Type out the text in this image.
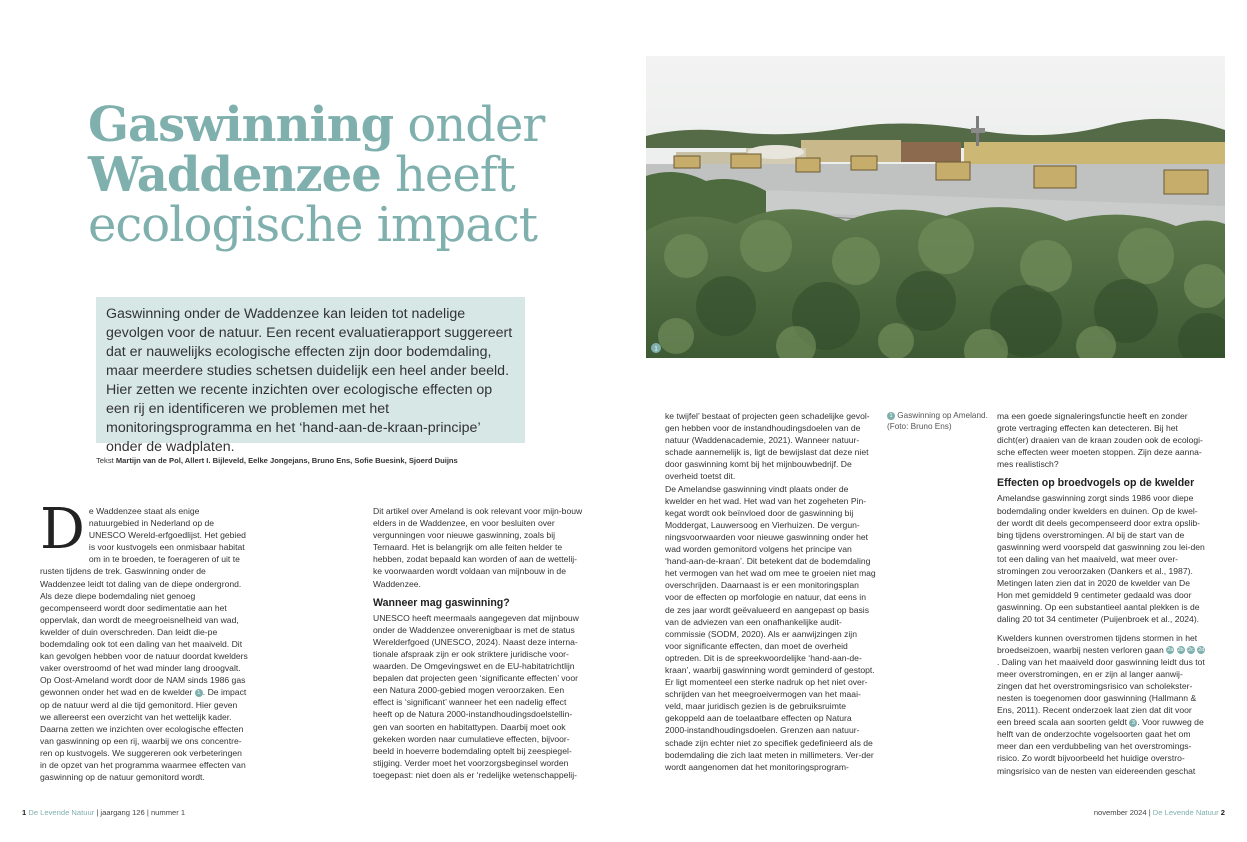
Gaswinning onder
Waddenzee heeft
ecologische impact
Gaswinning onder de Waddenzee kan leiden tot nadelige gevolgen voor de natuur. Een recent evaluatierapport suggereert dat er nauwelijks ecologische effecten zijn door bodemdaling, maar meerdere studies schetsen duidelijk een heel ander beeld. Hier zetten we recente inzichten over ecologische effecten op een rij en identificeren we problemen met het monitoringsprogramma en het ‘hand-aan-de-kraan-principe’ onder de wadplaten.
Tekst Martijn van de Pol, Allert I. Bijleveld, Eelke Jongejans, Bruno Ens, Sofie Buesink, Sjoerd Duijns
1
1 Gaswinning op Ameland. (Foto: Bruno Ens)

De Waddenzee staat als enige natuurgebied in Nederland op de UNESCO Wereld-erfgoedlijst. Het gebied is voor kustvogels een onmisbaar habitat om in te broeden, te foerageren of uit te rusten tijdens de trek. Gaswinning onder de Waddenzee leidt tot daling van de diepe ondergrond. Als deze diepe bodemdaling niet genoeg gecompenseerd wordt door sedimentatie aan het oppervlak, dan wordt de meegroeisnelheid van wad, kwelder of duin overschreden. Dan leidt die-pe bodemdaling ook tot een daling van het maaiveld. Dit kan gevolgen hebben voor de natuur doordat kwelders vaker overstroomd of het wad minder lang droogvalt.

Op Oost-Ameland wordt door de NAM sinds 1986 gas gewonnen onder het wad en de kwelder 1 . De impact op de natuur werd al die tijd gemonitord. Hier geven we allereerst een overzicht van het wettelijk kader. Daarna zetten we inzichten over ecologische effecten van gaswinning op een rij, waarbij we ons concentre-ren op kustvogels. We suggereren ook verbeteringen in de opzet van het programma waarmee effecten van gaswinning op de natuur gemonitord wordt.

Dit artikel over Ameland is ook relevant voor mijn-bouw elders in de Waddenzee, en voor besluiten over vergunningen voor nieuwe gaswinning, zoals bij Ternaard. Het is belangrijk om alle feiten helder te hebben, zodat bepaald kan worden of aan de wettelij-ke voorwaarden wordt voldaan van mijnbouw in de Waddenzee.

Wanneer mag gaswinning?

UNESCO heeft meermaals aangegeven dat mijnbouw onder de Waddenzee onverenigbaar is met de status Werelderfgoed (UNESCO, 2024). Naast deze interna-tionale afspraak zijn er ook striktere juridische voor-waarden. De Omgevingswet en de EU-habitatrichtlijn bepalen dat projecten geen ‘significante effecten’ voor een Natura 2000-gebied mogen veroorzaken. Een effect is ‘significant’ wanneer het een nadelig effect heeft op de Natura 2000-instandhoudingsdoelstellin-gen van soorten en habitattypen. Daarbij moet ook gekeken worden naar cumulatieve effecten, bijvoor-beeld in hoeverre bodemdaling optelt bij zeespiegel-stijging. Verder moet het voorzorgsbeginsel worden toegepast: niet doen als er ‘redelijke wetenschappelij-

ke twijfel’ bestaat of projecten geen schadelijke gevol-gen hebben voor de instandhoudingsdoelen van de natuur (Waddenacademie, 2021). Wanneer natuur-schade aannemelijk is, ligt de bewijslast dat deze niet door gaswinning komt bij het mijnbouwbedrijf. De overheid toetst dit.

De Amelandse gaswinning vindt plaats onder de kwelder en het wad. Het wad van het zogeheten Pin-kegat wordt ook beïnvloed door de gaswinning bij Moddergat, Lauwersoog en Vierhuizen. De vergun-ningsvoorwaarden voor nieuwe gaswinning onder het wad worden gemonitord volgens het principe van ‘hand-aan-de-kraan’. Dit betekent dat de bodemdaling het vermogen van het wad om mee te groeien niet mag overschrijden. Daarnaast is er een monitoringsplan voor de effecten op morfologie en natuur, dat eens in de zes jaar wordt geëvalueerd en aangepast op basis van de adviezen van een onafhankelijke audit-commissie (SODM, 2020). Als er aanwijzingen zijn voor significante effecten, dan moet de overheid optreden. Dit is de spreekwoordelijke ‘hand-aan-de-kraan’, waarbij gaswinning wordt geminderd of gestopt.

Er ligt momenteel een sterke nadruk op het niet over-schrijden van het meegroeivermogen van het maai-veld, maar juridisch gezien is de gebruiksruimte gekoppeld aan de toelaatbare effecten op Natura 2000-instandhoudingsdoelen. Grenzen aan natuur-schade zijn echter niet zo specifiek gedefinieerd als de bodemdaling die zich laat meten in millimeters. Ver-der wordt aangenomen dat het monitoringsprogram-

ma een goede signaleringsfunctie heeft en zonder grote vertraging effecten kan detecteren. Bij het dicht(er) draaien van de kraan zouden ook de ecologi-sche effecten weer moeten stoppen. Zijn deze aanna-mes realistisch?

Effecten op broedvogels op de kwelder

Amelandse gaswinning zorgt sinds 1986 voor diepe bodemdaling onder kwelders en duinen. Op de kwel-der wordt dit deels gecompenseerd door extra opslib-bing tijdens overstromingen. Al bij de start van de gaswinning werd voorspeld dat gaswinning zou lei-den tot een daling van het maaiveld, wat meer over-stromingen zou veroorzaken (Dankers et al., 1987). Metingen laten zien dat in 2020 de kwelder van De Hon met gemiddeld 9 centimeter gedaald was door gaswinning. Op een substantieel aantal plekken is de daling 20 tot 34 centimeter (Puijenbroek et al., 2024).

Kwelders kunnen overstromen tijdens stormen in het broedseizoen, waarbij nesten verloren gaan 2a 2b 2c 2d. Daling van het maaiveld door gaswinning leidt dus tot meer overstromingen, en er zijn al langer aanwij-zingen dat het overstromingsrisico van scholekster-nesten is toegenomen door gaswinning (Hallmann & Ens, 2011). Recent onderzoek laat zien dat dit voor een breed scala aan soorten geldt 3 . Voor ruwweg de helft van de onderzochte vogelsoorten gaat het om meer dan een verdubbeling van het overstromings-risico. Zo wordt bijvoorbeeld het huidige overstro-mingsrisico van de nesten van eidereenden geschat

1 De Levende Natuur | jaargang 126 | nummer 1	november 2024 | De Levende Natuur 2
